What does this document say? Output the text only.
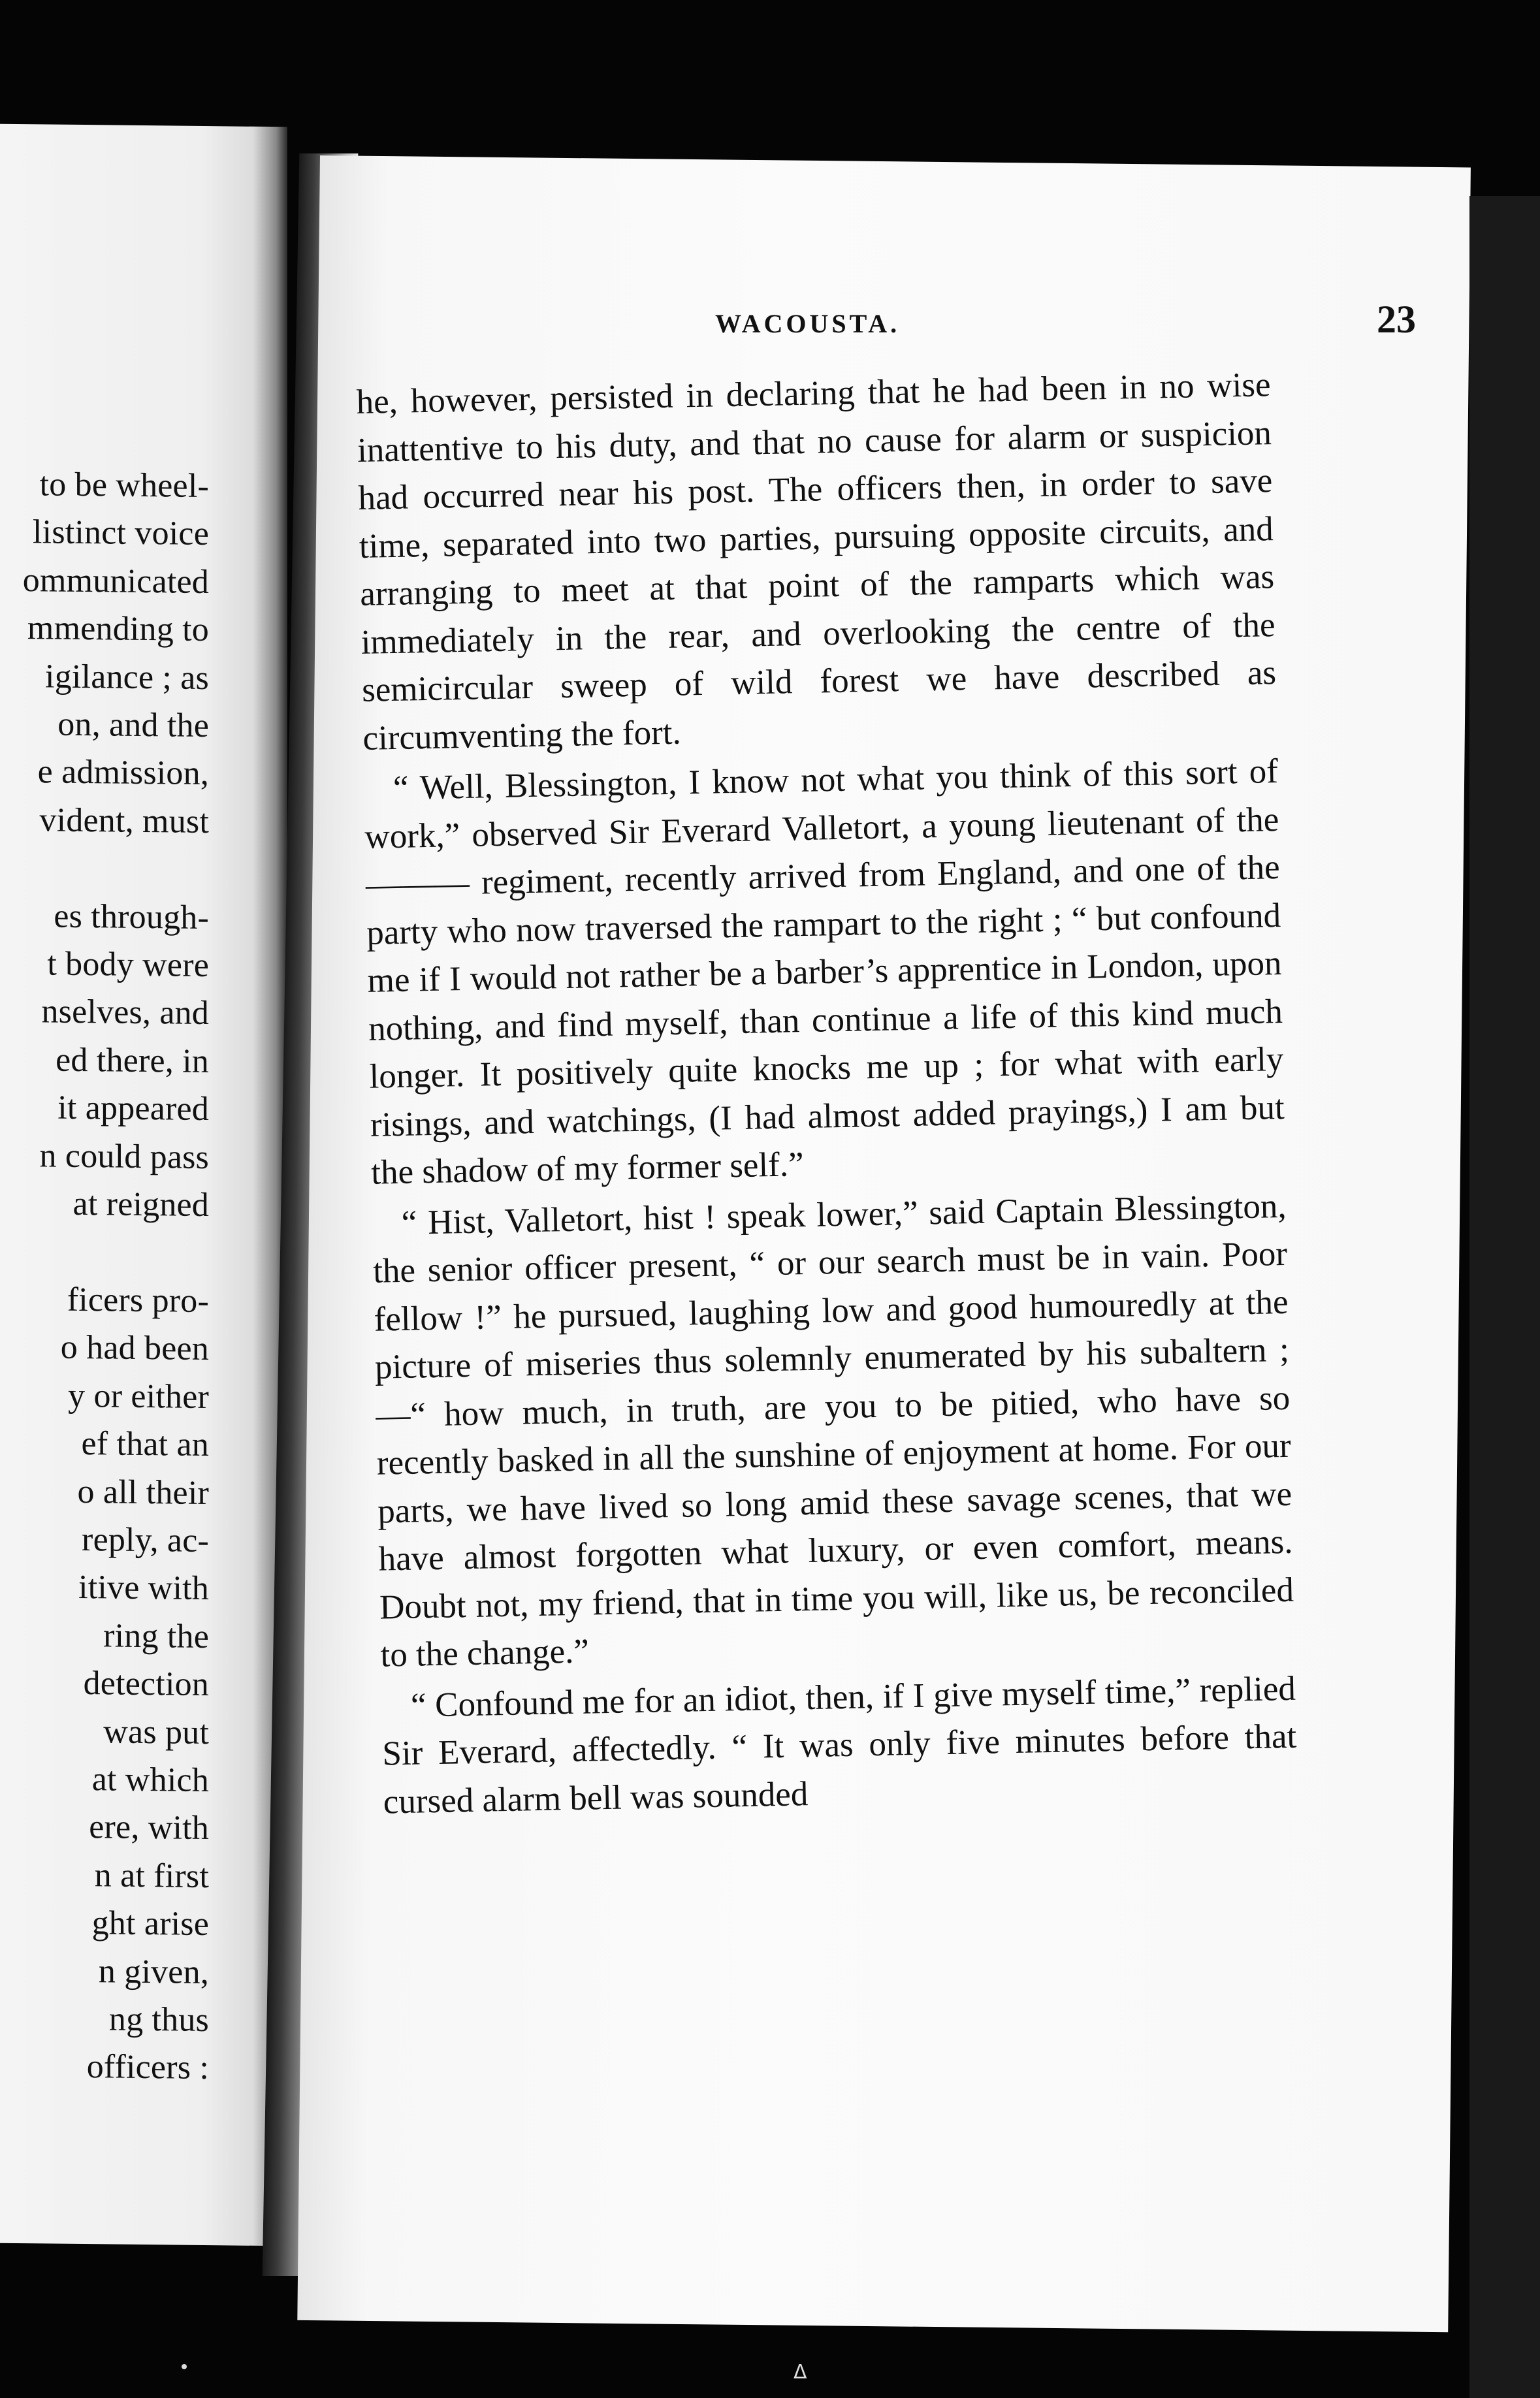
to be wheel-
listinct voice
ommunicated
mmending to
igilance ; as
on, and the
e admission,
vident, must
es through-
t body were
nselves, and
ed there, in
it appeared
n could pass
at reigned
ficers pro-
o had been
y or either
ef that an
o all their
reply, ac-
itive with
ring the
detection
was put
at which
ere, with
n at first
ght arise
n given,
ng thus
officers :
WACOUSTA.	23

he, however, persisted in declaring that he had been in no wise inattentive to his duty, and that no cause for alarm or suspicion had occurred near his post. The officers then, in order to save time, separated into two parties, pursuing opposite circuits, and arranging to meet at that point of the ramparts which was immediately in the rear, and overlooking the centre of the semicircular sweep of wild forest we have described as circumventing the fort.

“ Well, Blessington, I know not what you think of this sort of work,” observed Sir Everard Valletort, a young lieutenant of the ——— regiment, recently arrived from England, and one of the party who now traversed the rampart to the right ; “ but confound me if I would not rather be a barber’s apprentice in London, upon nothing, and find myself, than continue a life of this kind much longer. It positively quite knocks me up ; for what with early risings, and watchings, (I had almost added prayings,) I am but the shadow of my former self.”

“ Hist, Valletort, hist ! speak lower,” said Captain Blessington, the senior officer present, “ or our search must be in vain. Poor fellow !” he pursued, laughing low and good humouredly at the picture of miseries thus solemnly enumerated by his subaltern ;—“ how much, in truth, are you to be pitied, who have so recently basked in all the sunshine of enjoyment at home. For our parts, we have lived so long amid these savage scenes, that we have almost forgotten what luxury, or even comfort, means. Doubt not, my friend, that in time you will, like us, be reconciled to the change.”

“ Confound me for an idiot, then, if I give myself time,” replied Sir Everard, affectedly. “ It was only five minutes before that cursed alarm bell was sounded

ᐃ
